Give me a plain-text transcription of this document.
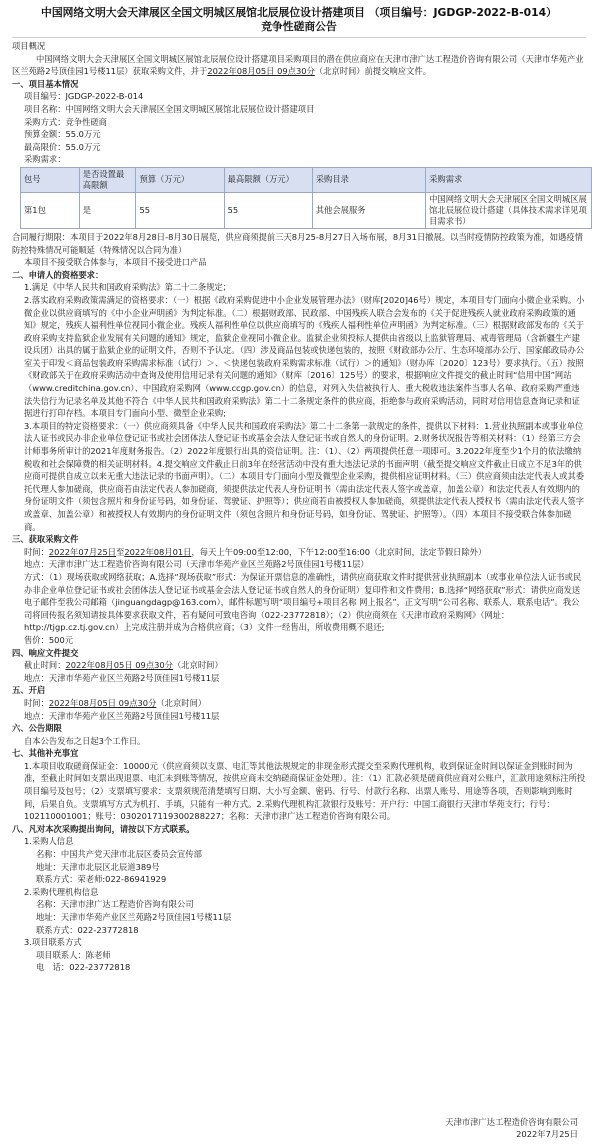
中国网络文明大会天津展区全国文明城区展馆北辰展位设计搭建项目 （项目编号：JGDGP-2022-B-014）
竞争性磋商公告
项目概况
中国网络文明大会天津展区全国文明城区展馆北辰展位设计搭建项目采购项目的潜在供应商应在天津市津广达工程造价咨询有限公司（天津市华苑产业区兰苑路2号顶佳园1号楼11层）获取采购文件，并于2022年08月05日 09点30分（北京时间）前提交响应文件。
一、项目基本情况
项目编号：JGDGP-2022-B-014
项目名称：中国网络文明大会天津展区全国文明城区展馆北辰展位设计搭建项目
采购方式：竞争性磋商
预算金额：55.0万元
最高限价：55.0万元
采购需求：
包号	是否设置最高限额	预算（万元）	最高限额（万元）	采购目录	采购需求
第1包	是	55	55	其他会展服务	中国网络文明大会天津展区全国文明城区展馆北辰展位设计搭建（具体技术需求详见项目需求书）
合同履行期限：本项目于2022年8月28日-8月30日展览，供应商须提前三天8月25-8月27日入场布展，8月31日撤展。以当时疫情防控政策为准，如遇疫情防控特殊情况可能顺延（特殊情况以合同为准）
本项目不接受联合体参与，本项目不接受进口产品
二、申请人的资格要求：
1.满足《中华人民共和国政府采购法》第二十二条规定；
2.落实政府采购政策需满足的资格要求：（一）根据《政府采购促进中小企业发展管理办法》（财库[2020]46号）规定，本项目专门面向小微企业采购。小微企业以供应商填写的《中小企业声明函》为判定标准。（二）根据财政部、民政部、中国残疾人联合会发布的《关于促进残疾人就业政府采购政策的通知》规定，残疾人福利性单位视同小微企业。残疾人福利性单位以供应商填写的《残疾人福利性单位声明函》为判定标准。（三）根据财政部发布的《关于政府采购支持监狱企业发展有关问题的通知》规定，监狱企业视同小微企业。监狱企业须投标人提供由省级以上监狱管理局、戒毒管理局（含新疆生产建设兵团）出具的属于监狱企业的证明文件，否则不予认定。（四）涉及商品包装或快递包装的，按照《财政部办公厅、生态环境部办公厅、国家邮政局办公室关于印发＜商品包装政府采购需求标准（试行）＞、＜快递包装政府采购需求标准（试行）＞的通知》（财办库〔2020〕123号）要求执行。（五）按照《财政部关于在政府采购活动中查询及使用信用记录有关问题的通知》（财库〔2016〕125号）的要求，根据响应文件提交的截止时间“信用中国”网站（www.creditchina.gov.cn）、中国政府采购网（www.ccgp.gov.cn）的信息，对列入失信被执行人、重大税收违法案件当事人名单、政府采购严重违法失信行为记录名单及其他不符合《中华人民共和国政府采购法》第二十二条规定条件的供应商，拒绝参与政府采购活动，同时对信用信息查询记录和证据进行打印存档。本项目专门面向小型、微型企业采购;
3.本项目的特定资格要求：（一）供应商须具备《中华人民共和国政府采购法》第二十二条第一款规定的条件，提供以下材料：1.营业执照副本或事业单位法人证书或民办非企业单位登记证书或社会团体法人登记证书或基金会法人登记证书或自然人的身份证明。2.财务状况报告等相关材料：（1）经第三方会计师事务所审计的2021年度财务报告。（2）2022年度银行出具的资信证明。注：（1）、（2）两项提供任意一项即可。3.2022年度至少1个月的依法缴纳税收和社会保障费的相关证明材料。4.提交响应文件截止日前3年在经营活动中没有重大违法记录的书面声明（截至提交响应文件截止日成立不足3年的供应商可提供自成立以来无重大违法记录的书面声明）。（二）本项目专门面向小型及微型企业采购，提供相应证明材料。（三）供应商须由法定代表人或其委托代理人参加磋商，供应商若由法定代表人参加磋商，须提供法定代表人身份证明书（需由法定代表人签字或盖章，加盖公章）和法定代表人有效期内的身份证明文件（须包含照片和身份证号码，如身份证、驾驶证、护照等）；供应商若由被授权人参加磋商，须提供法定代表人授权书（需由法定代表人签字或盖章、加盖公章）和被授权人有效期内的身份证明文件（须包含照片和身份证号码，如身份证、驾驶证、护照等）。（四）本项目不接受联合体参加磋商。
三、获取采购文件
时间：2022年07月25日至2022年08月01日，每天上午09:00至12:00，下午12:00至16:00（北京时间，法定节假日除外）
地点：天津市津广达工程造价咨询有限公司（天津市华苑产业区兰苑路2号顶佳园1号楼11层）
方式：（1）现场获取或网络获取；A.选择“现场获取”形式：为保证开票信息的准确性，请供应商获取文件时提供营业执照副本（或事业单位法人证书或民办非企业单位登记证书或社会团体法人登记证书或基金会法人登记证书或自然人的身份证明）复印件和文件费用；B.选择“网络获取”形式：请供应商发送电子邮件至我公司邮箱（jinguangdagp@163.com），邮件标题写明“项目编号+项目名称 网上报名”，正文写明“公司名称、联系人、联系电话”。我公司将回传报名须知请按具体要求获取文件，若有疑问可致电咨询（022-23772818）；（2）供应商须在《天津市政府采购网》（网址：http://tjgp.cz.tj.gov.cn）上完成注册并成为合格供应商；（3）文件一经售出，所收费用概不退还;
售价：500元
四、响应文件提交
截止时间：2022年08月05日 09点30分（北京时间）
地点：天津市华苑产业区兰苑路2号顶佳园1号楼11层
五、开启
时间：2022年08月05日 09点30分（北京时间）
地点：天津市华苑产业区兰苑路2号顶佳园1号楼11层
六、公告期限
自本公告发布之日起3个工作日。
七、其他补充事宜
1.本项目收取磋商保证金：10000元（供应商须以支票、电汇等其他法规规定的非现金形式提交至采购代理机构，收到保证金时间以保证金到账时间为准，至截止时间如支票出现退票、电汇未到账等情况，按供应商未交纳磋商保证金处理）。注：（1）汇款必须是磋商供应商对公账户，汇款用途须标注所投项目编号及包号；（2）支票填写要求：支票须规范清楚填写日期、大小写金额、密码、行号、付款行名称、出票人账号、用途等各项，否则影响到账时间，后果自负。支票填写方式为机打、手填，只能有一种方式。2.采购代理机构汇款银行及账号：开户行：中国工商银行天津市华苑支行；行号：102110001001；账号：0302017119300288227；名称：天津市津广达工程造价咨询有限公司。
八、凡对本次采购提出询问，请按以下方式联系。
1.采购人信息
名称：中国共产党天津市北辰区委员会宣传部
地址：天津市北辰区北辰道389号
联系方式：荣老师:022-86941929
2.采购代理机构信息
名称：天津市津广达工程造价咨询有限公司
地址：天津市华苑产业区兰苑路2号顶佳园1号楼11层
联系方式：022-23772818
3.项目联系方式
项目联系人：陈老师
电　话：022-23772818
天津市津广达工程造价咨询有限公司
2022年7月25日
